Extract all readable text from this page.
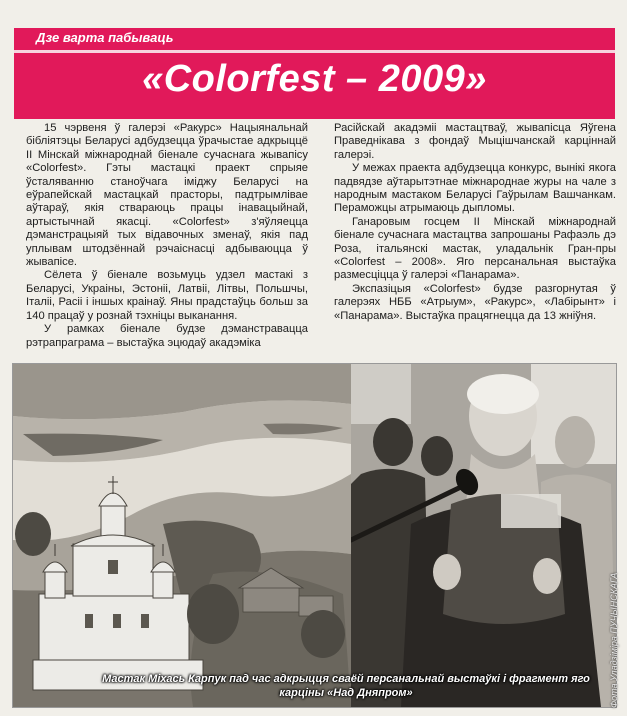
Дзе варта пабываць
«Colorfest – 2009»

15 чэрвеня ў галерэі «Ракурс» Нацыянальнай бібліятэцы Беларусі адбудзецца ўрачыстае адкрыццё ІІ Мінскай міжнароднай біенале сучаснага жывапісу «Colorfest». Гэты мастацкі праект спрыяе ўсталяванню станоўчага іміджу Беларусі на еўрапейскай мастацкай прасторы, падтрымлівае аўтараў, якія ствараюць працы інавацыйнай, артыстычнай якасці. «Colorfest» з'яўляецца дэманстрацыяй тых відавочных зменаў, якія пад уплывам штодзённай рэчаіснасці адбываюцца ў жывапісе.

Сёлета ў біенале возьмуць удзел мастакі з Беларусі, Украіны, Эстоніі, Латвіі, Літвы, Польшчы, Італіі, Расіі і іншых краінаў. Яны прадстаўць больш за 140 працаў у рознай тэхніцы выканання.

У рамках біенале будзе дэманстравацца рэтрапраграма – выстаўка эцюдаў акадэміка

Расійскай акадэміі мастацтваў, жывапісца Яўгена Праведнікава з фондаў Мыцішчанскай карціннай галерэі.

У межах праекта адбудзецца конкурс, вынікі якога падвядзе аўтарытэтнае міжнароднае журы на чале з народным мастаком Беларусі Гаўрылам Вашчанкам. Пераможцы атрымаюць дыпломы.

Ганаровым госцем ІІ Мінскай міжнароднай біенале сучаснага мастацтва запрошаны Рафаэль дэ Роза, італьянскі мастак, уладальнік Гран-пры «Colorfest – 2008». Яго персанальная выстаўка размесціцца ў галерэі «Панарама».

Экспазіцыя «Colorfest» будзе разгорнутая ў галерэях НББ «Атрыум», «Ракурс», «Лабірынт» і «Панарама». Выстаўка працягнецца да 13 жніўня.

Мастак Міхась Карпук пад час адкрыцця сваёй персанальнай выстаўкі і фрагмент яго карціны «Над Дняпром»	Фота Уладзіміра ПУЧЫНСКАГА
